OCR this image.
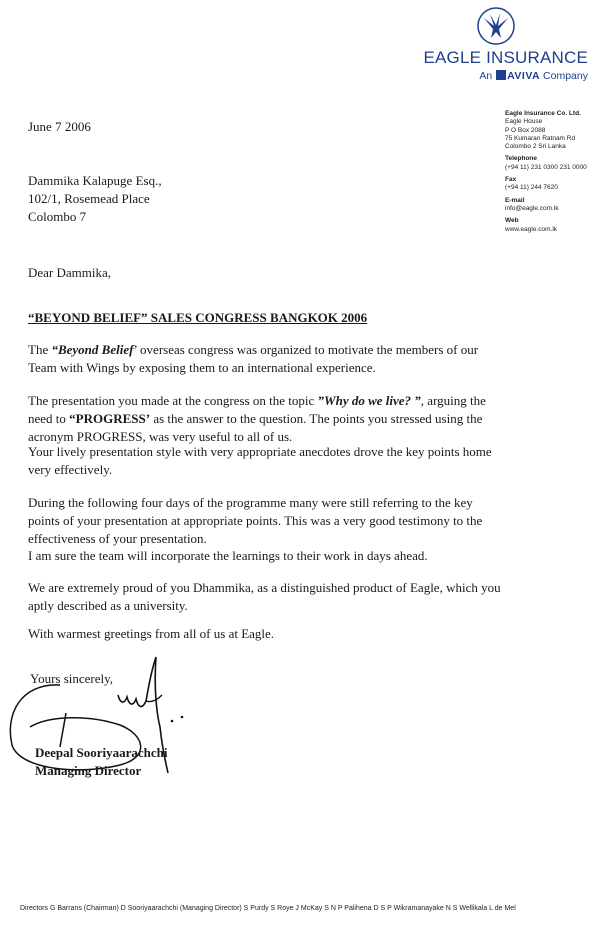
EAGLE INSURANCE
An AVIVA Company
Eagle Insurance Co. Ltd.
Eagle House
P O Box 2088
75 Kumaran Ratnam Rd
Colombo 2 Sri Lanka
Telephone
(+94 11) 231 0300 231 0000
Fax
(+94 11) 244 7620
E-mail
info@eagle.com.lk
Web
www.eagle.com.lk
June 7 2006
Dammika Kalapuge Esq.,
102/1, Rosemead Place
Colombo 7
Dear Dammika,
“BEYOND BELIEF” SALES CONGRESS BANGKOK 2006
The “Beyond Belief’ overseas congress was organized to motivate the members of our Team with Wings by exposing them to an international experience.
The presentation you made at the congress on the topic ”Why do we live? ”, arguing the need to “PROGRESS’ as the answer to the question. The points you stressed using the acronym PROGRESS, was very useful to all of us.
Your lively presentation style with very appropriate anecdotes drove the key points home very effectively.
During the following four days of the programme many were still referring to the key points of your presentation at appropriate points. This was a very good testimony to the effectiveness of your presentation.
I am sure the team will incorporate the learnings to their work in days ahead.
We are extremely proud of you Dhammika, as a distinguished product of Eagle, which you aptly described as a university.
With warmest greetings from all of us at Eagle.
Yours sincerely,
Deepal Sooriyaarachchi
Managing Director
Directors G Barrans (Chairman) D Sooriyaarachchi (Managing Director) S Purdy S Roye J McKay S N P Palihena D S P Wikramanayake N S Wellikala L de Mel
